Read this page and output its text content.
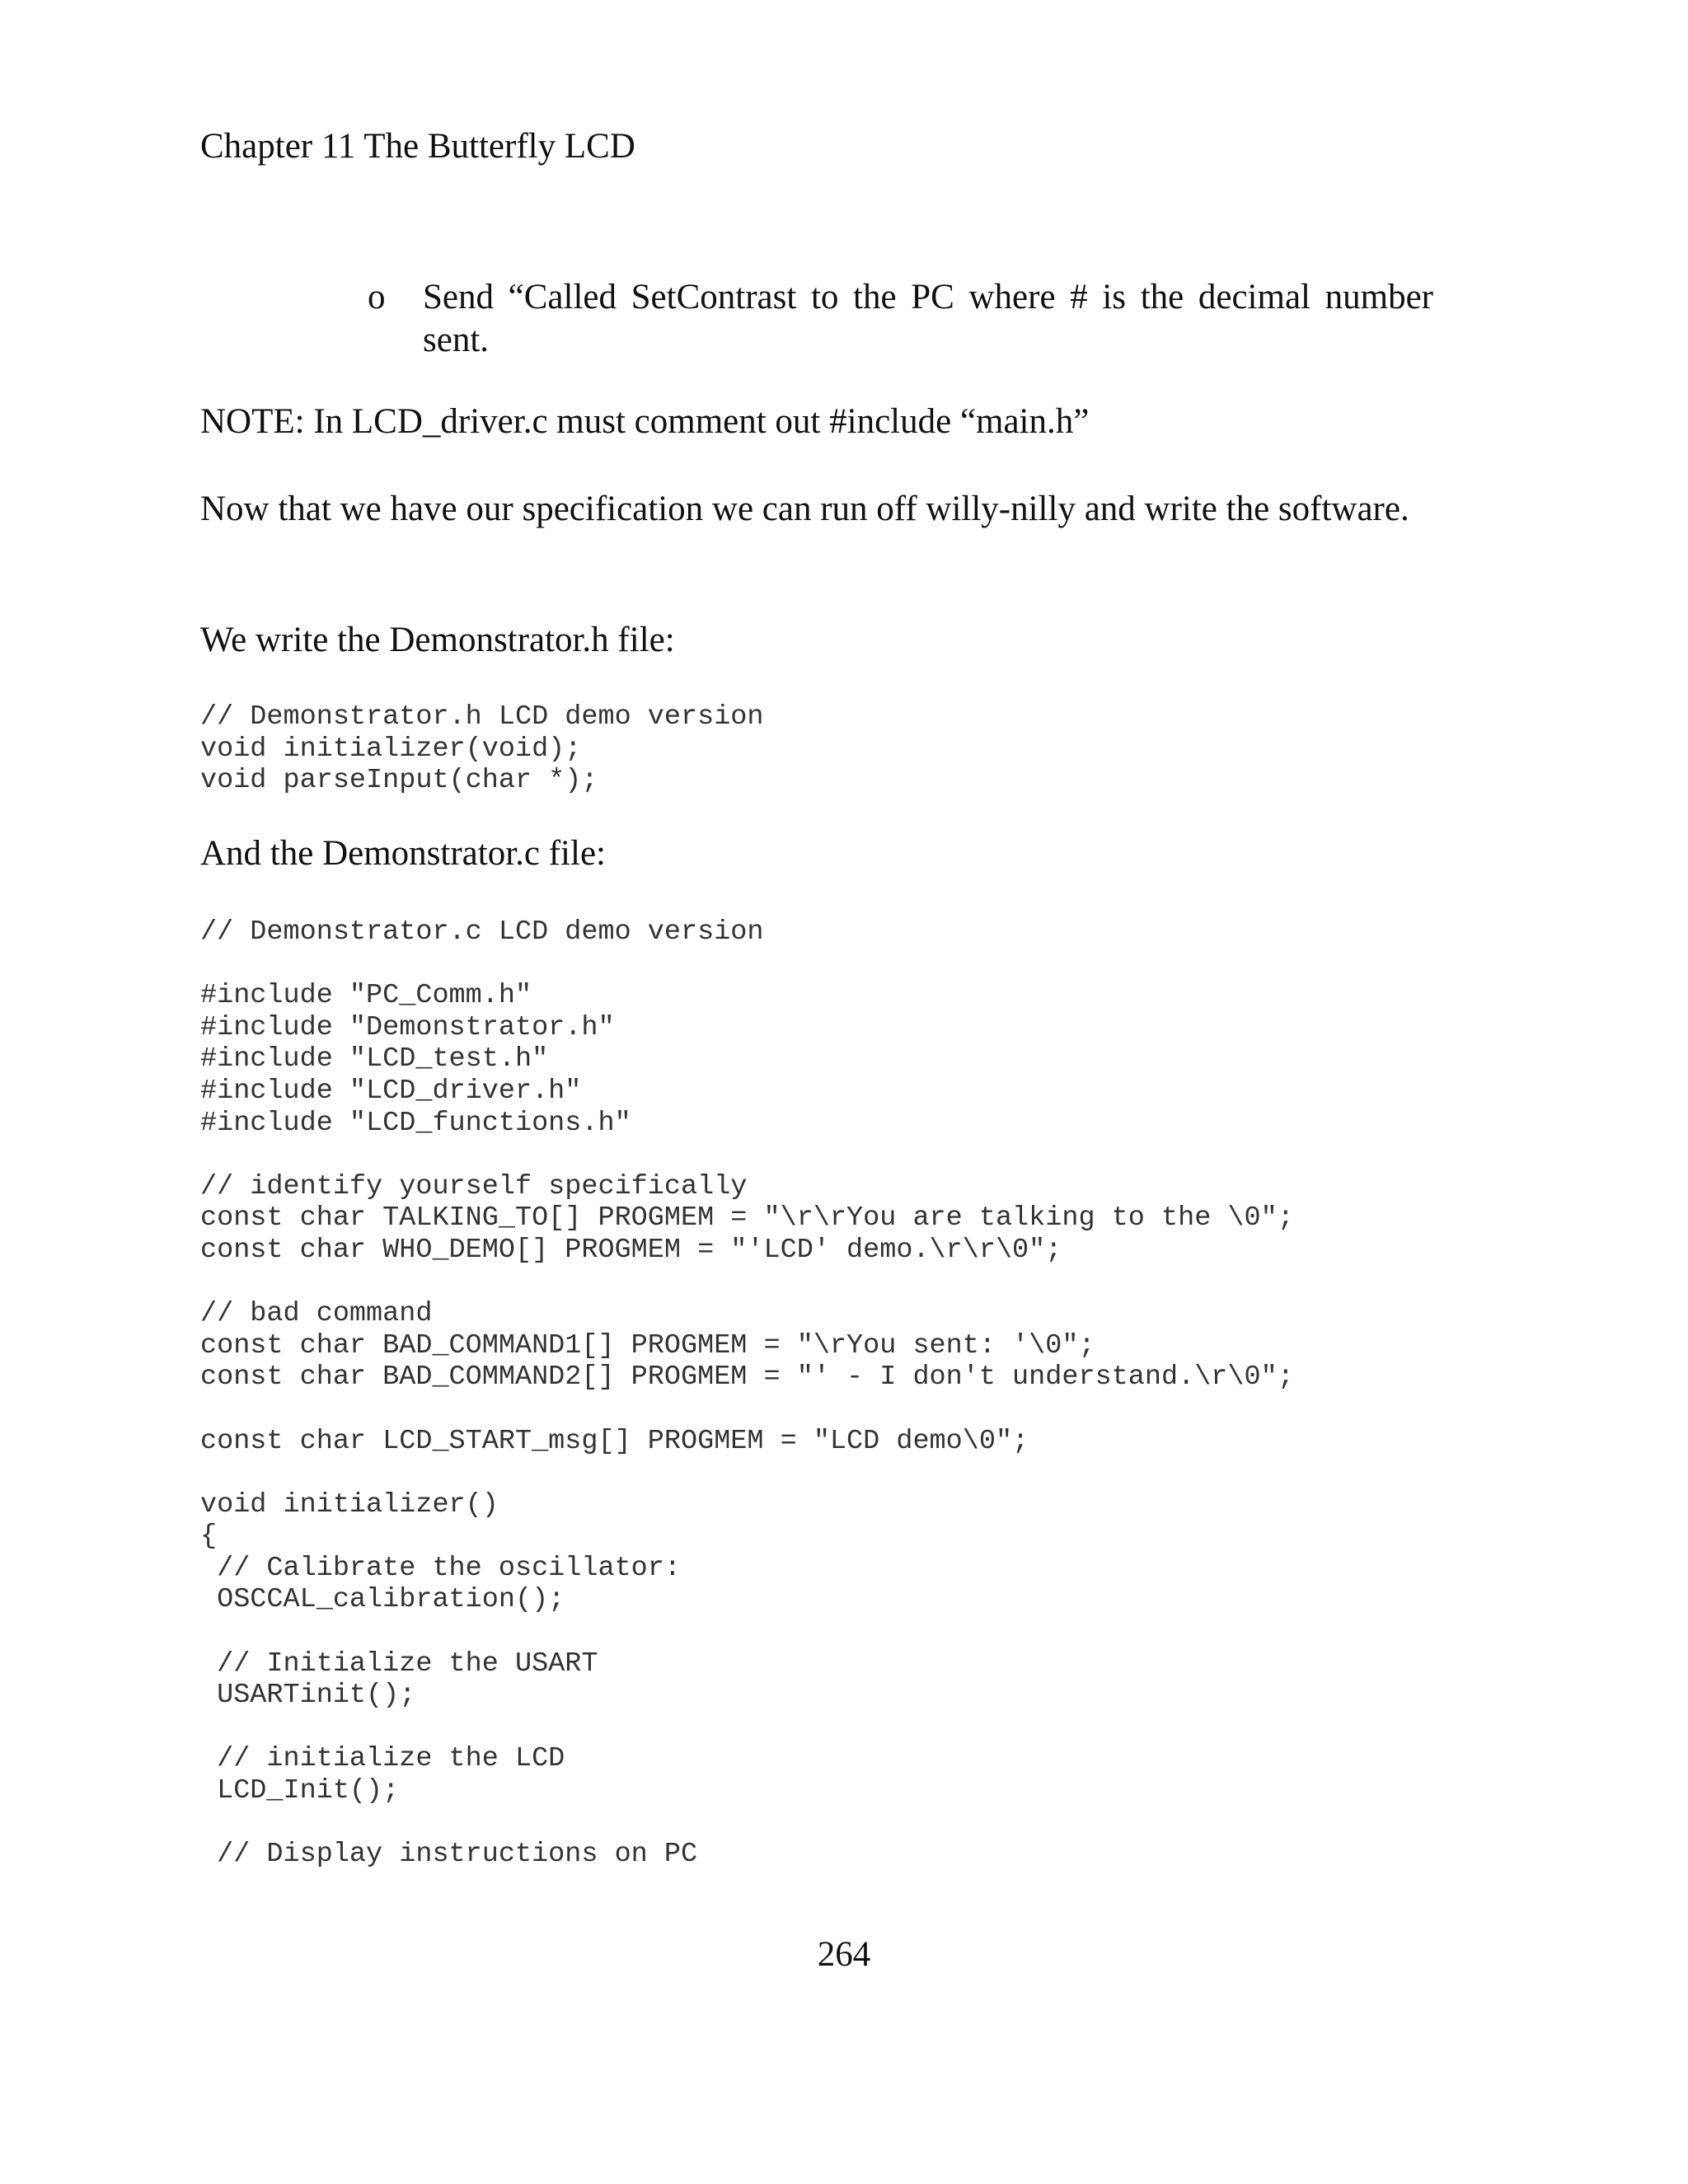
Chapter 11 The Butterfly LCD
o Send “Called SetContrast to the PC where # is the decimal number sent.
NOTE: In LCD_driver.c must comment out #include “main.h”
Now that we have our specification we can run off willy-nilly and write the software.
We write the Demonstrator.h file:
// Demonstrator.h LCD demo version
void initializer(void);
void parseInput(char *);
And the Demonstrator.c file:
// Demonstrator.c LCD demo version

#include "PC_Comm.h"
#include "Demonstrator.h"
#include "LCD_test.h"
#include "LCD_driver.h"
#include "LCD_functions.h"

// identify yourself specifically
const char TALKING_TO[] PROGMEM = "\r\rYou are talking to the \0";
const char WHO_DEMO[] PROGMEM = "'LCD' demo.\r\r\0";

// bad command
const char BAD_COMMAND1[] PROGMEM = "\rYou sent: '\0";
const char BAD_COMMAND2[] PROGMEM = "' - I don't understand.\r\0";

const char LCD_START_msg[] PROGMEM = "LCD demo\0";

void initializer()
{
// Calibrate the oscillator:
OSCCAL_calibration();

// Initialize the USART
USARTinit();

// initialize the LCD
LCD_Init();

// Display instructions on PC
264
